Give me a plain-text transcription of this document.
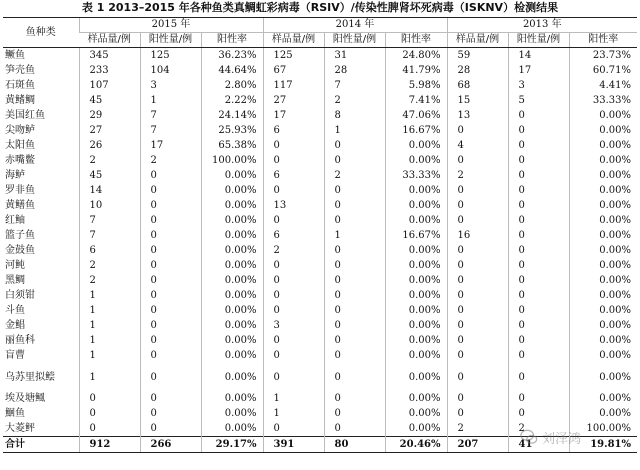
表 1 2013–2015 年各种鱼类真鲷虹彩病毒（RSIV）/传染性脾肾坏死病毒（ISKNV）检测结果
鱼种类	2015 年			2014 年			2013 年		
	样品量/例	阳性量/例	阳性率	样品量/例	阳性量/例	阳性率	样品量/例	阳性量/例	阳性率
鳜鱼	345	125	36.23%	125	31	24.80%	59	14	23.73%
笋壳鱼	233	104	44.64%	67	28	41.79%	28	17	60.71%
石斑鱼	107	3	2.80%	117	7	5.98%	68	3	4.41%
黄鳍鲷	45	1	2.22%	27	2	7.41%	15	5	33.33%
美国红鱼	29	7	24.14%	17	8	47.06%	13	0	0.00%
尖吻鲈	27	7	25.93%	6	1	16.67%	0	0	0.00%
太阳鱼	26	17	65.38%	0	0	0.00%	4	0	0.00%
赤嘴鳖	2	2	100.00%	0	0	0.00%	0	0	0.00%
海鲈	45	0	0.00%	6	2	33.33%	2	0	0.00%
罗非鱼	14	0	0.00%	0	0	0.00%	0	0	0.00%
黄鳝鱼	10	0	0.00%	13	0	0.00%	0	0	0.00%
红鲉	7	0	0.00%	0	0	0.00%	0	0	0.00%
篮子鱼	7	0	0.00%	6	1	16.67%	16	0	0.00%
金鼓鱼	6	0	0.00%	2	0	0.00%	0	0	0.00%
河鲀	2	0	0.00%	0	0	0.00%	0	0	0.00%
黑鲷	2	0	0.00%	0	0	0.00%	0	0	0.00%
白须钳	1	0	0.00%	0	0	0.00%	0	0	0.00%
斗鱼	1	0	0.00%	0	0	0.00%	0	0	0.00%
金鲳	1	0	0.00%	3	0	0.00%	0	0	0.00%
丽鱼科	1	0	0.00%	0	0	0.00%	0	0	0.00%
盲曹	1	0	0.00%	0	0	0.00%	0	0	0.00%
乌苏里拟鲿	1	0	0.00%	0	0	0.00%	0	0	0.00%
埃及塘鲺	0	0	0.00%	1	0	0.00%	0	0	0.00%
鮰鱼	0	0	0.00%	1	0	0.00%	0	0	0.00%
大菱鲆	0	0	0.00%	0	0	0.00%	2	2	100.00%
合计	912	266	29.17%	391	80	20.46%	207	41	19.81%
刘泽鸿
